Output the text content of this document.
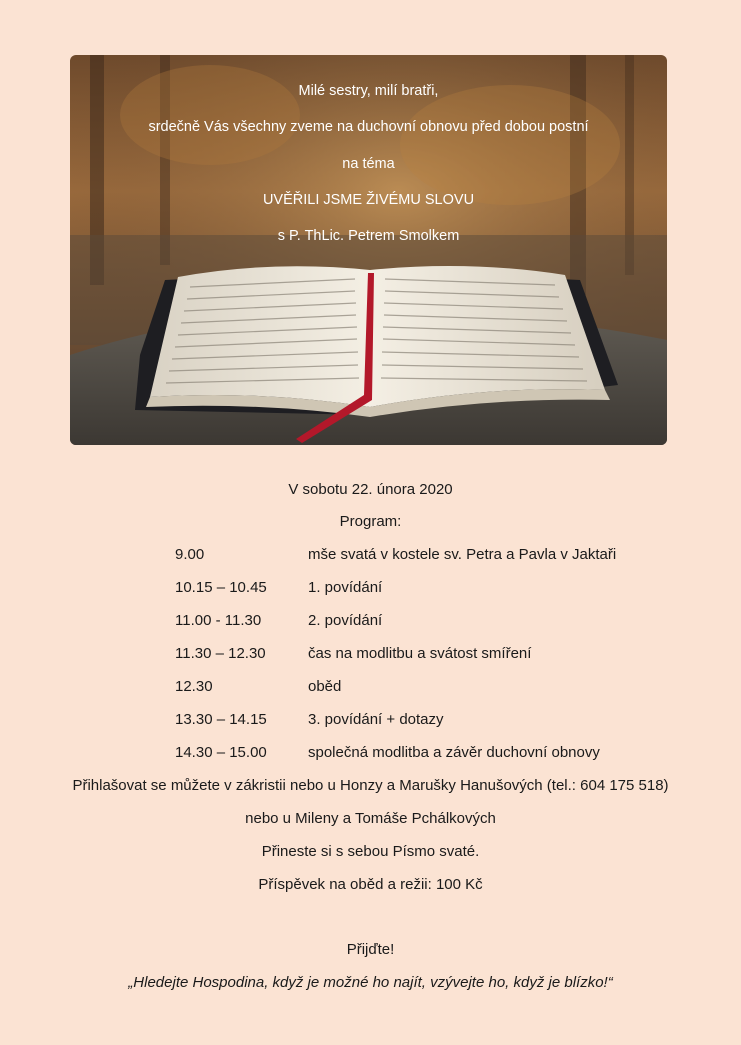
Milé sestry, milí bratři,
srdečně Vás všechny zveme na duchovní obnovu před dobou postní
na téma
UVĚŘILI JSME ŽIVÉMU SLOVU
s P. ThLic. Petrem Smolkem
V sobotu 22. února 2020
Program:
9.00	mše svatá v kostele sv. Petra a Pavla v Jaktaři
10.15 – 10.45	1. povídání
11.00 - 11.30	2. povídání
11.30 – 12.30	čas na modlitbu a svátost smíření
12.30	oběd
13.30 – 14.15	3. povídání + dotazy
14.30 – 15.00	společná modlitba a závěr duchovní obnovy
Přihlašovat se můžete v zákristii nebo u Honzy a Marušky Hanušových (tel.: 604 175 518)
nebo u Mileny a Tomáše Pchálkových
Přineste si s sebou Písmo svaté.
Příspěvek na oběd a režii: 100 Kč
Přijďte!
„Hledejte Hospodina, když je možné ho najít, vzývejte ho, když je blízko!“
